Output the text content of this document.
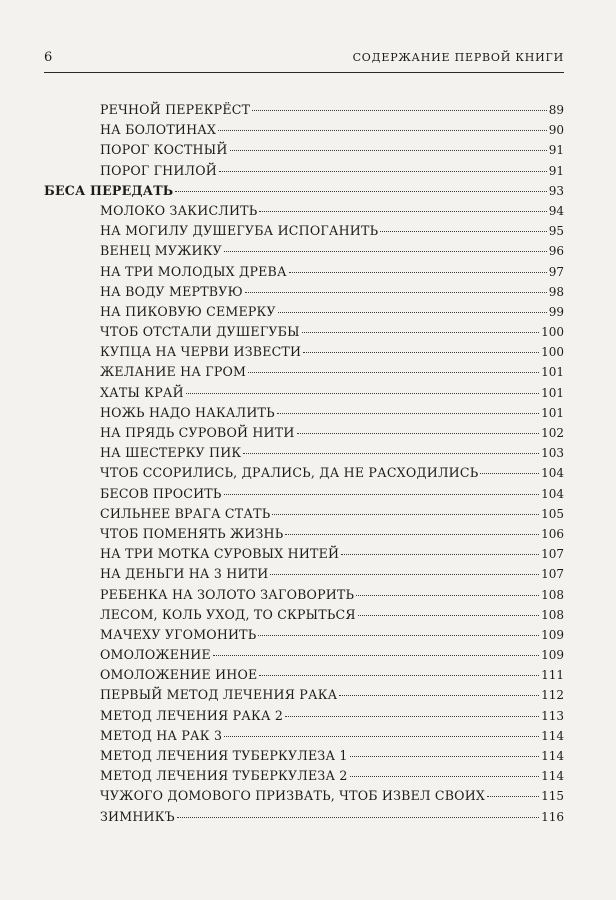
6	СОДЕРЖАНИЕ ПЕРВОЙ КНИГИ
РЕЧНОЙ ПЕРЕКРЁСТ	89
НА БОЛОТИНАХ	90
ПОРОГ КОСТНЫЙ	91
ПОРОГ ГНИЛОЙ	91
БЕСА ПЕРЕДАТЬ	93
МОЛОКО ЗАКИСЛИТЬ	94
НА МОГИЛУ ДУШЕГУБА ИСПОГАНИТЬ	95
ВЕНЕЦ МУЖИКУ	96
НА ТРИ МОЛОДЫХ ДРЕВА	97
НА ВОДУ МЕРТВУЮ	98
НА ПИКОВУЮ СЕМЕРКУ	99
ЧТОБ ОТСТАЛИ ДУШЕГУБЫ	100
КУПЦА НА ЧЕРВИ ИЗВЕСТИ	100
ЖЕЛАНИЕ НА ГРОМ	101
ХАТЫ КРАЙ	101
НОЖЬ НАДО НАКАЛИТЬ	101
НА ПРЯДЬ СУРОВОЙ НИТИ	102
НА ШЕСТЕРКУ ПИК	103
ЧТОБ ССОРИЛИСЬ, ДРАЛИСЬ, ДА НЕ РАСХОДИЛИСЬ	104
БЕСОВ ПРОСИТЬ	104
СИЛЬНЕЕ ВРАГА СТАТЬ	105
ЧТОБ ПОМЕНЯТЬ ЖИЗНЬ	106
НА ТРИ МОТКА СУРОВЫХ НИТЕЙ	107
НА ДЕНЬГИ НА 3 НИТИ	107
РЕБЕНКА НА ЗОЛОТО ЗАГОВОРИТЬ	108
ЛЕСОМ, КОЛЬ УХОД, ТО СКРЫТЬСЯ	108
МАЧЕХУ УГОМОНИТЬ	109
ОМОЛОЖЕНИЕ	109
ОМОЛОЖЕНИЕ ИНОЕ	111
ПЕРВЫЙ МЕТОД ЛЕЧЕНИЯ РАКА	112
МЕТОД ЛЕЧЕНИЯ РАКА 2	113
МЕТОД НА РАК 3	114
МЕТОД ЛЕЧЕНИЯ ТУБЕРКУЛЕЗА 1	114
МЕТОД ЛЕЧЕНИЯ ТУБЕРКУЛЕЗА 2	114
ЧУЖОГО ДОМОВОГО ПРИЗВАТЬ, ЧТОБ ИЗВЕЛ СВОИХ	115
ЗИМНИКЪ	116
